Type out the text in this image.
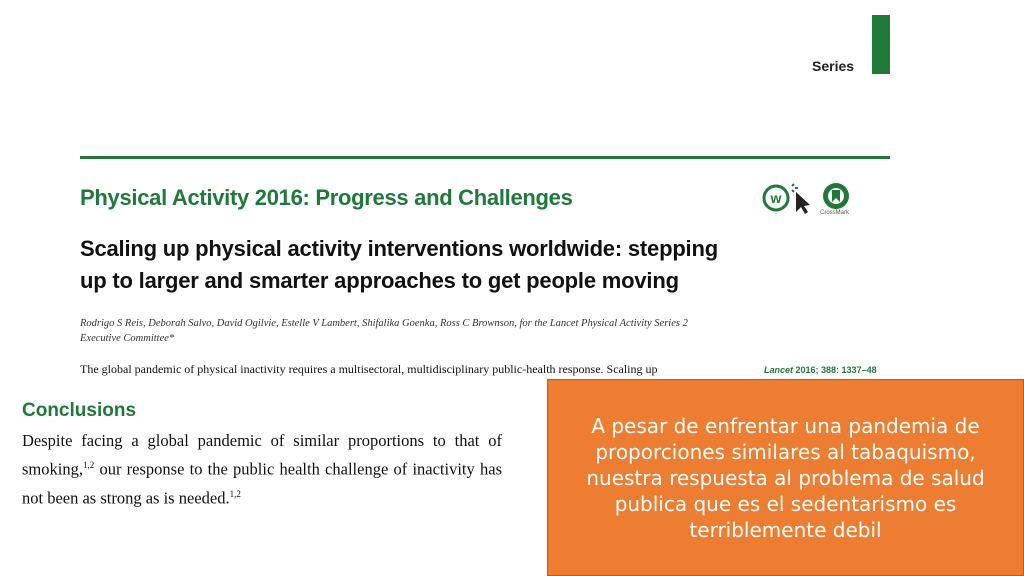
Series
Physical Activity 2016: Progress and Challenges	w
CrossMark
Scaling up physical activity interventions worldwide: stepping
up to larger and smarter approaches to get people moving
Rodrigo S Reis, Deborah Salvo, David Ogilvie, Estelle V Lambert, Shifalika Goenka, Ross C Brownson, for the Lancet Physical Activity Series 2
Executive Committee*
The global pandemic of physical inactivity requires a multisectoral, multidisciplinary public-health response. Scaling up	Lancet 2016; 388: 1337–48
Conclusions
Despite facing a global pandemic of similar proportions to that of smoking,$^{1,2}$ our response to the public health challenge of inactivity has not been as strong as is needed.$^{1,2}$
A pesar de enfrentar una pandemia de proporciones similares al tabaquismo, nuestra respuesta al problema de salud publica que es el sedentarismo es terriblemente debil
